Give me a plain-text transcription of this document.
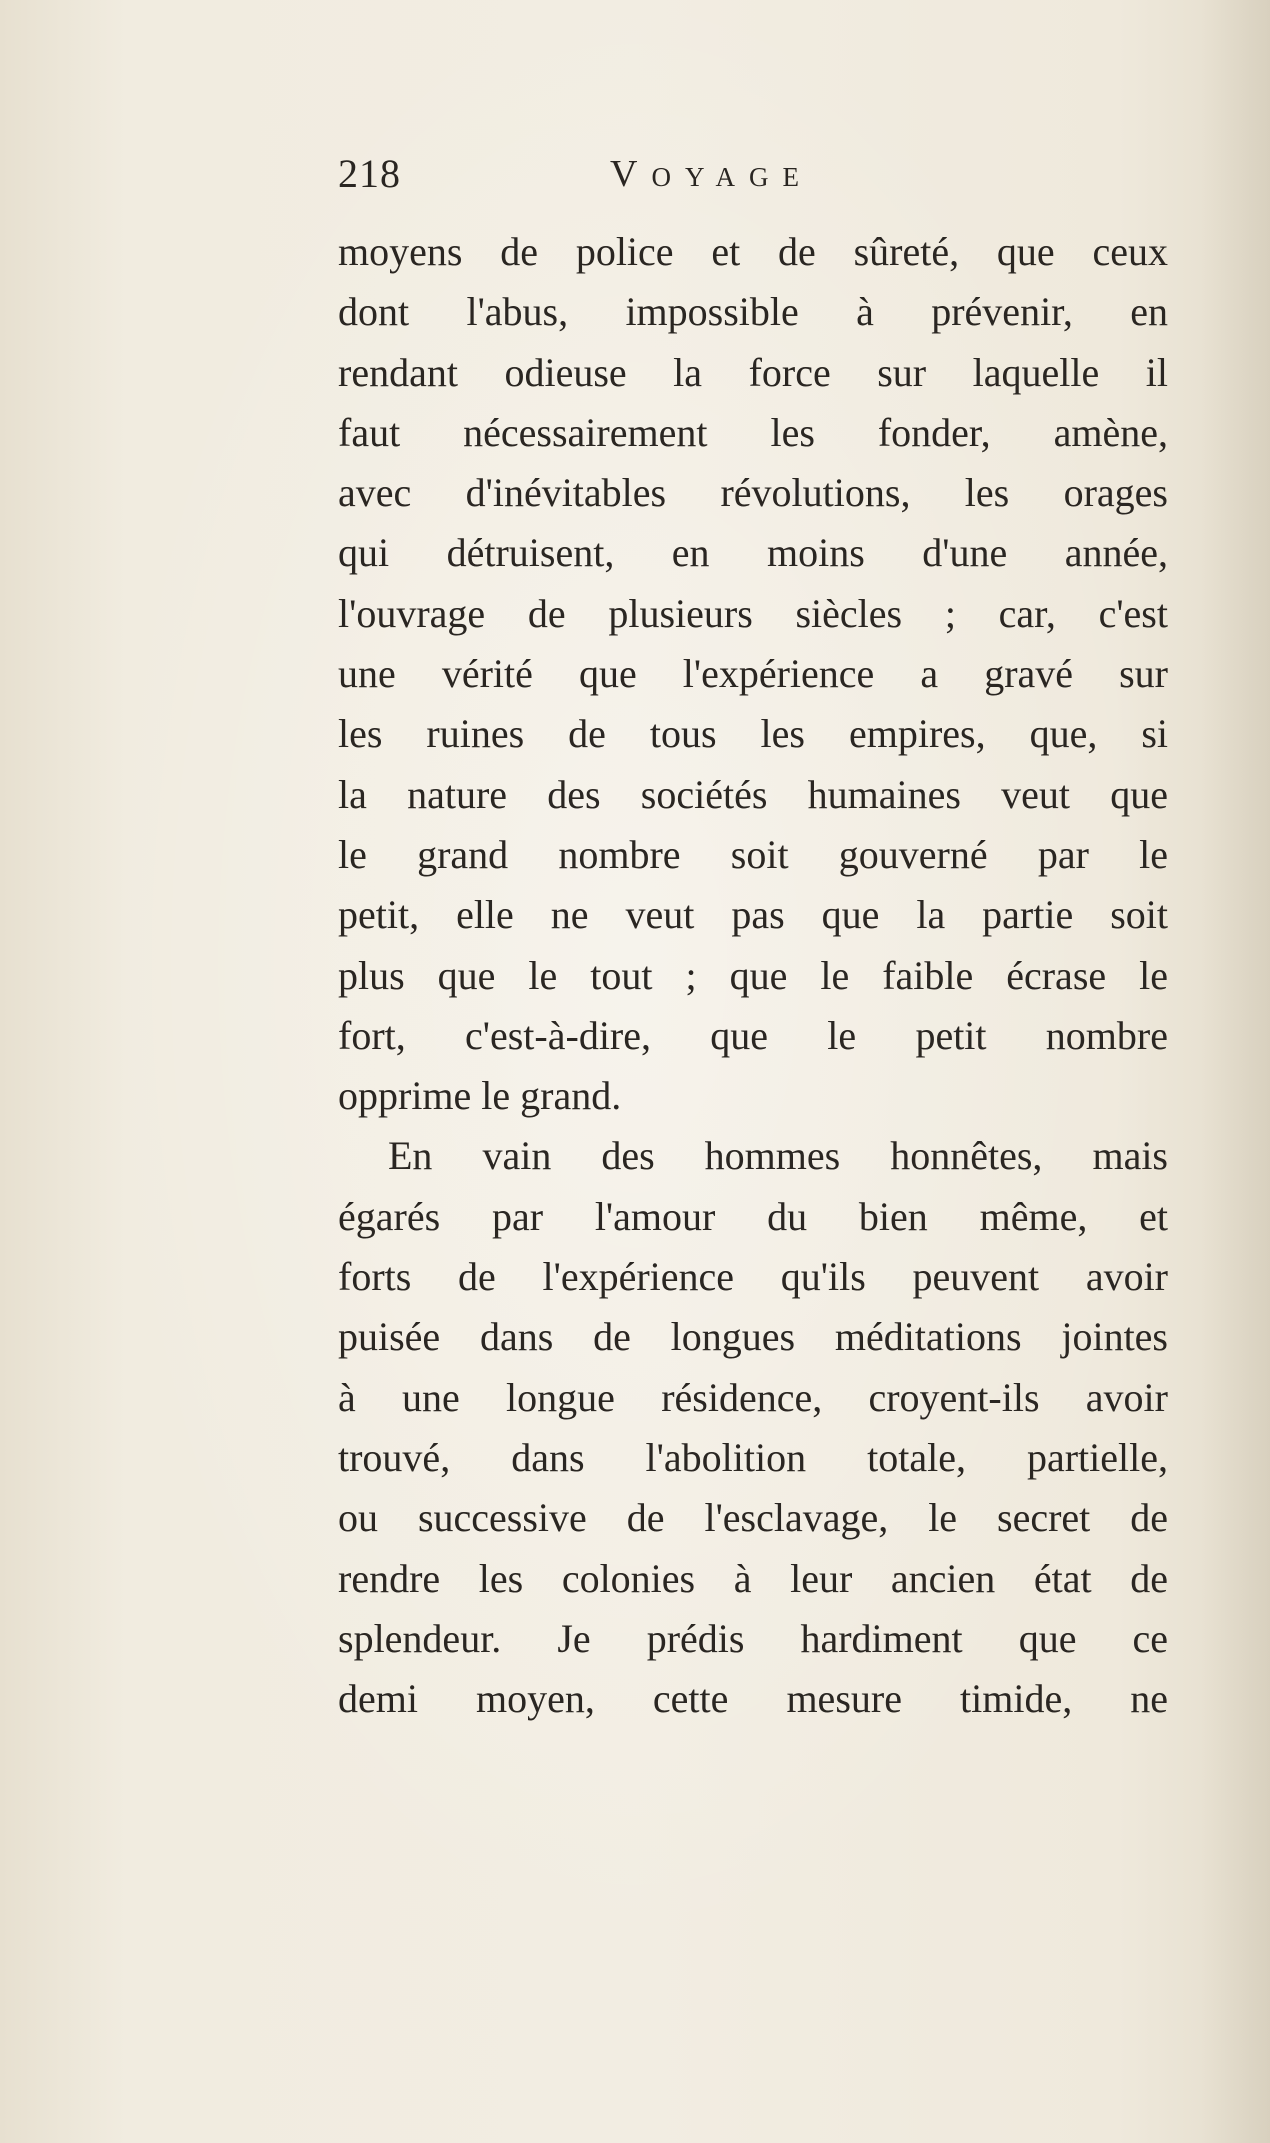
218	Voyage
moyens de police et de sûreté, que ceux
dont l'abus, impossible à prévenir, en
rendant odieuse la force sur laquelle il
faut nécessairement les fonder, amène,
avec d'inévitables révolutions, les orages
qui détruisent, en moins d'une année,
l'ouvrage de plusieurs siècles ; car, c'est
une vérité que l'expérience a gravé sur
les ruines de tous les empires, que, si
la nature des sociétés humaines veut que
le grand nombre soit gouverné par le
petit, elle ne veut pas que la partie soit
plus que le tout ; que le faible écrase le
fort, c'est-à-dire, que le petit nombre
opprime le grand.
En vain des hommes honnêtes, mais
égarés par l'amour du bien même, et
forts de l'expérience qu'ils peuvent avoir
puisée dans de longues méditations jointes
à une longue résidence, croyent-ils avoir
trouvé, dans l'abolition totale, partielle,
ou successive de l'esclavage, le secret de
rendre les colonies à leur ancien état de
splendeur. Je prédis hardiment que ce
demi moyen, cette mesure timide, ne
